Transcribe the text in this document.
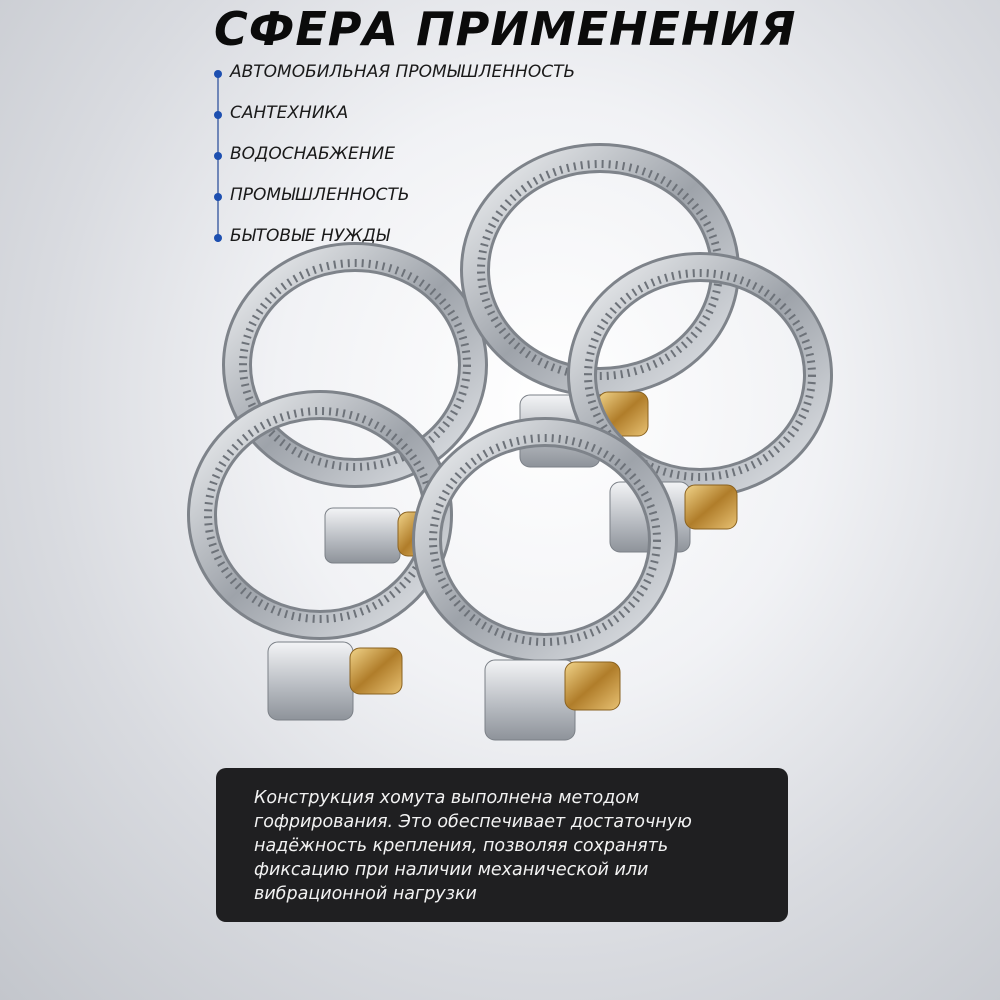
СФЕРА ПРИМЕНЕНИЯ
АВТОМОБИЛЬНАЯ ПРОМЫШЛЕННОСТЬ
САНТЕХНИКА
ВОДОСНАБЖЕНИЕ
ПРОМЫШЛЕННОСТЬ
БЫТОВЫЕ НУЖДЫ
Конструкция хомута выполнена методом
гофрирования. Это обеспечивает достаточную
надёжность крепления, позволяя сохранять
фиксацию при наличии механической или
вибрационной нагрузки
